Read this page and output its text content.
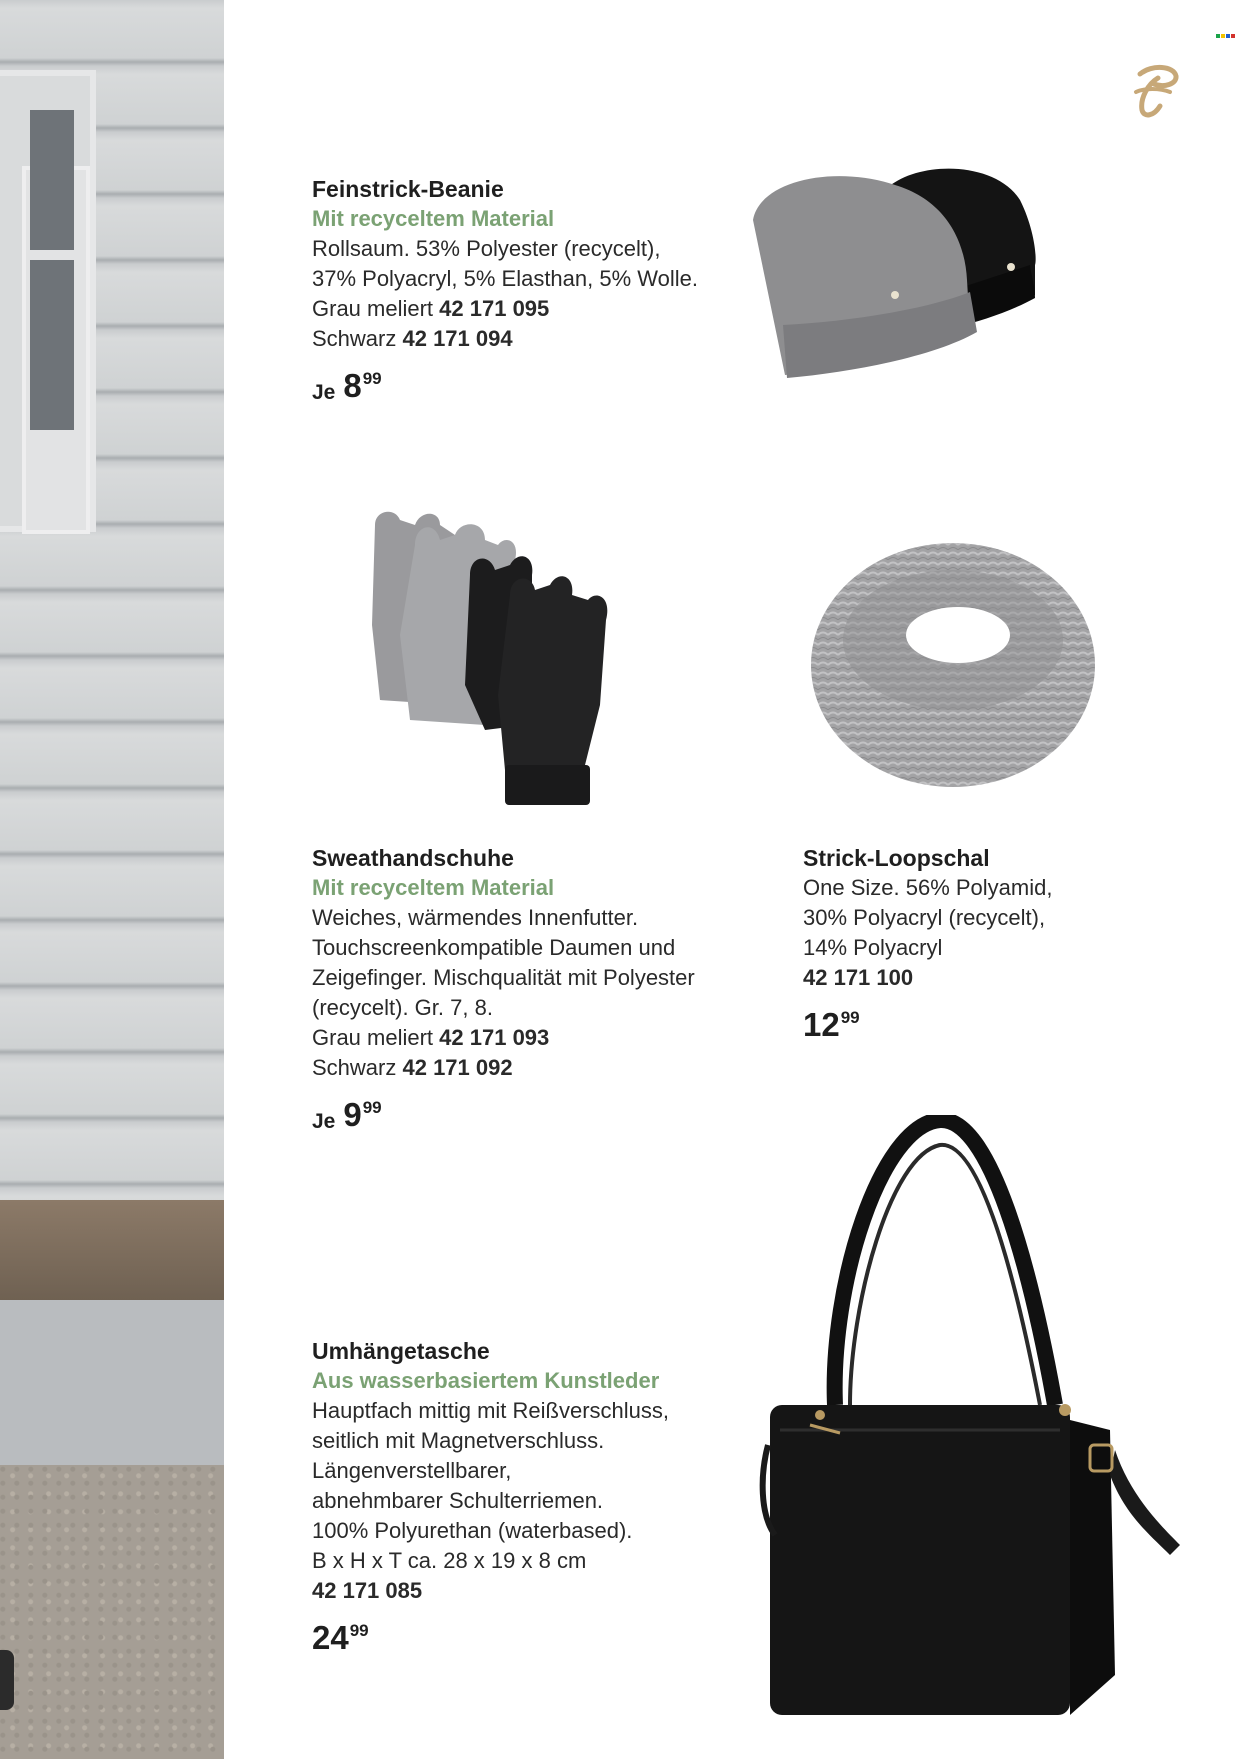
Feinstrick-Beanie

Mit recyceltem Material

Rollsaum. 53% Polyester (recycelt),

37% Polyacryl, 5% Elasthan, 5% Wolle.

Grau meliert 42 171 095

Schwarz 42 171 094

Je $8^{99}$

Strick-Loopschal

One Size. 56% Polyamid,

30% Polyacryl (recycelt),

14% Polyacryl

42 171 100

$12^{99}$

Sweathandschuhe

Mit recyceltem Material

Weiches, wärmendes Innenfutter.

Touchscreenkompatible Daumen und

Zeigefinger. Mischqualität mit Polyester

(recycelt). Gr. 7, 8.

Grau meliert 42 171 093

Schwarz 42 171 092

Je $9^{99}$

Umhängetasche

Aus wasserbasiertem Kunstleder

Hauptfach mittig mit Reißverschluss,

seitlich mit Magnetverschluss.

Längenverstellbarer,

abnehmbarer Schulterriemen.

100% Polyurethan (waterbased).

B x H x T ca. 28 x 19 x 8 cm

42 171 085

$24^{99}$
